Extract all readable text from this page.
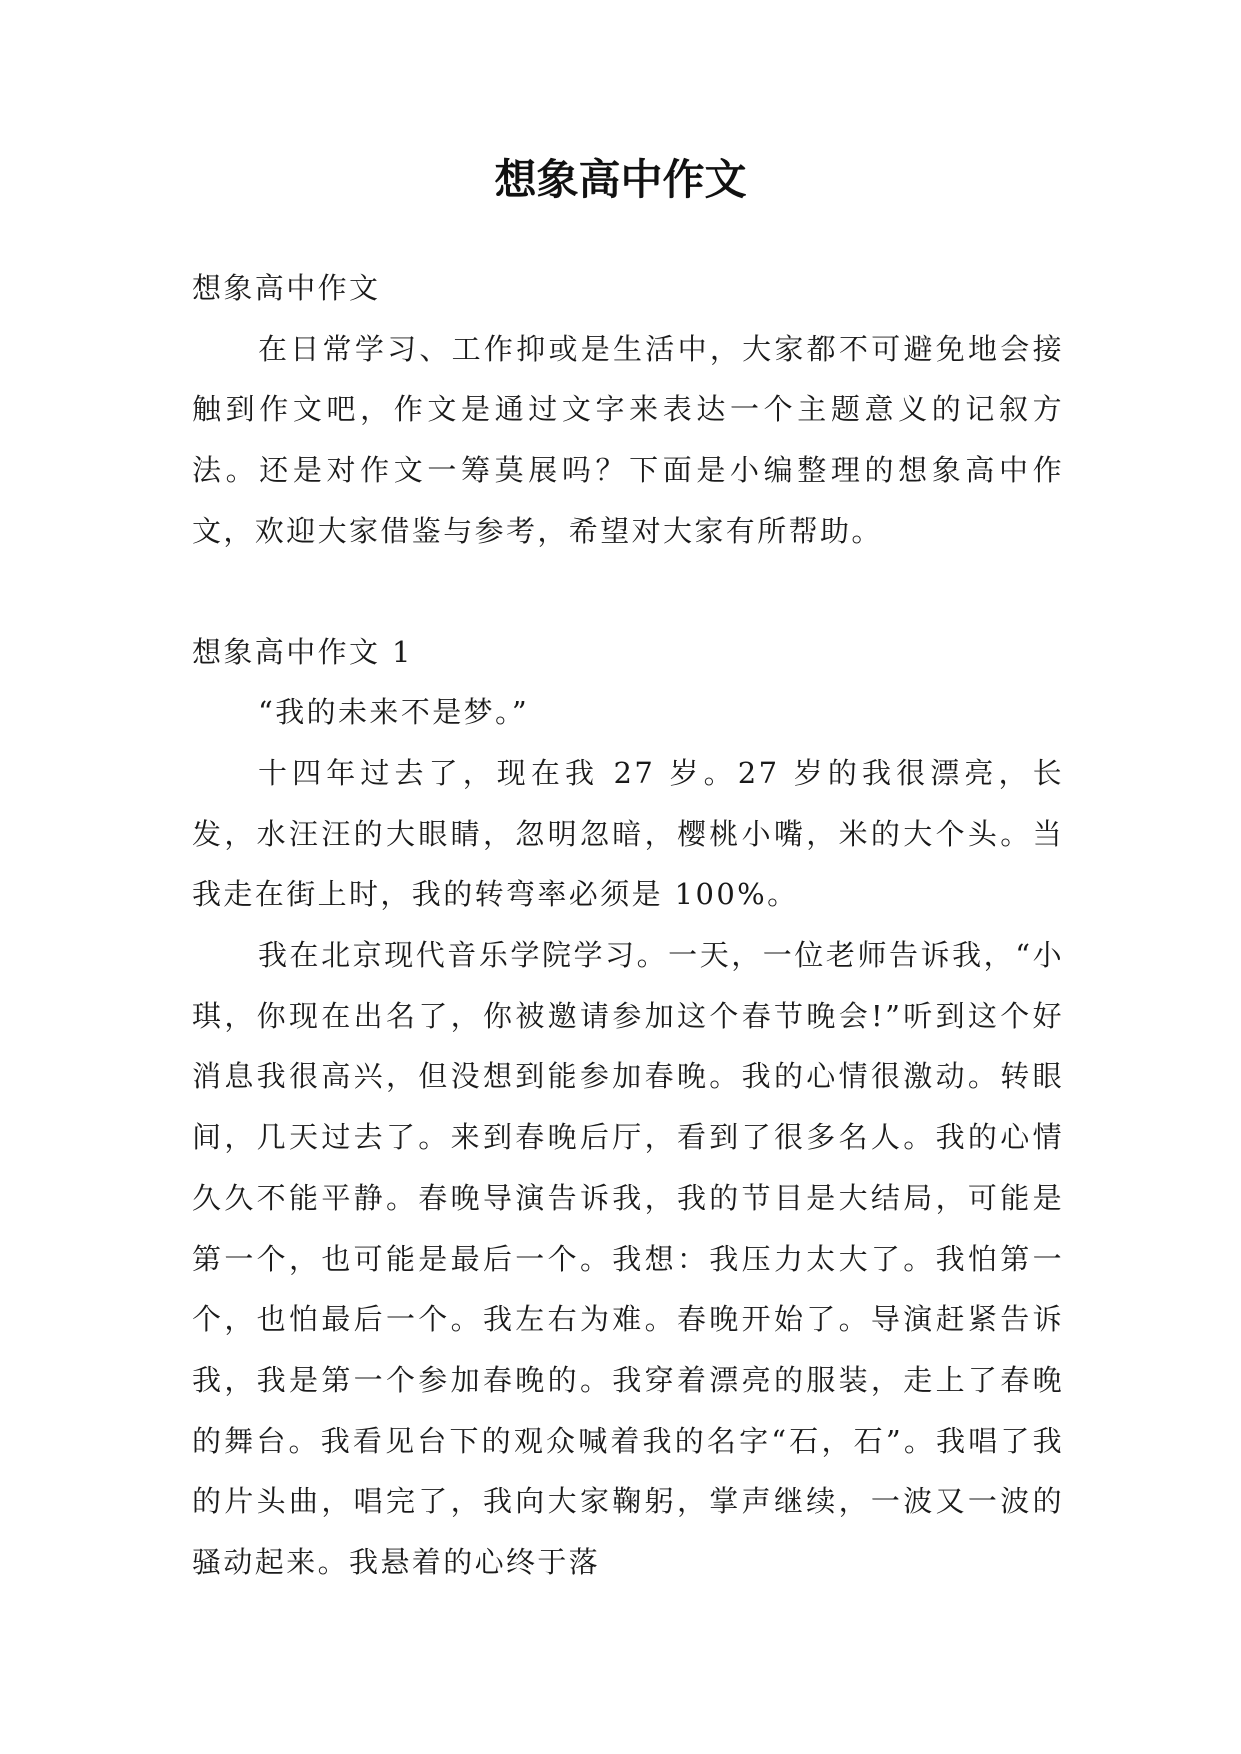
想象高中作文

想象高中作文

在日常学习、工作抑或是生活中，大家都不可避免地会接触到作文吧，作文是通过文字来表达一个主题意义的记叙方法。还是对作文一筹莫展吗？下面是小编整理的想象高中作文，欢迎大家借鉴与参考，希望对大家有所帮助。

想象高中作文 1

“我的未来不是梦。”

十四年过去了，现在我 27 岁。27 岁的我很漂亮，长发，水汪汪的大眼睛，忽明忽暗，樱桃小嘴，米的大个头。当我走在街上时，我的转弯率必须是 100%。

我在北京现代音乐学院学习。一天，一位老师告诉我，“小琪，你现在出名了，你被邀请参加这个春节晚会!”听到这个好消息我很高兴，但没想到能参加春晚。我的心情很激动。转眼间，几天过去了。来到春晚后厅，看到了很多名人。我的心情久久不能平静。春晚导演告诉我，我的节目是大结局，可能是第一个，也可能是最后一个。我想：我压力太大了。我怕第一个，也怕最后一个。我左右为难。春晚开始了。导演赶紧告诉我，我是第一个参加春晚的。我穿着漂亮的服装，走上了春晚的舞台。我看见台下的观众喊着我的名字“石，石”。我唱了我的片头曲，唱完了，我向大家鞠躬，掌声继续，一波又一波的骚动起来。我悬着的心终于落
